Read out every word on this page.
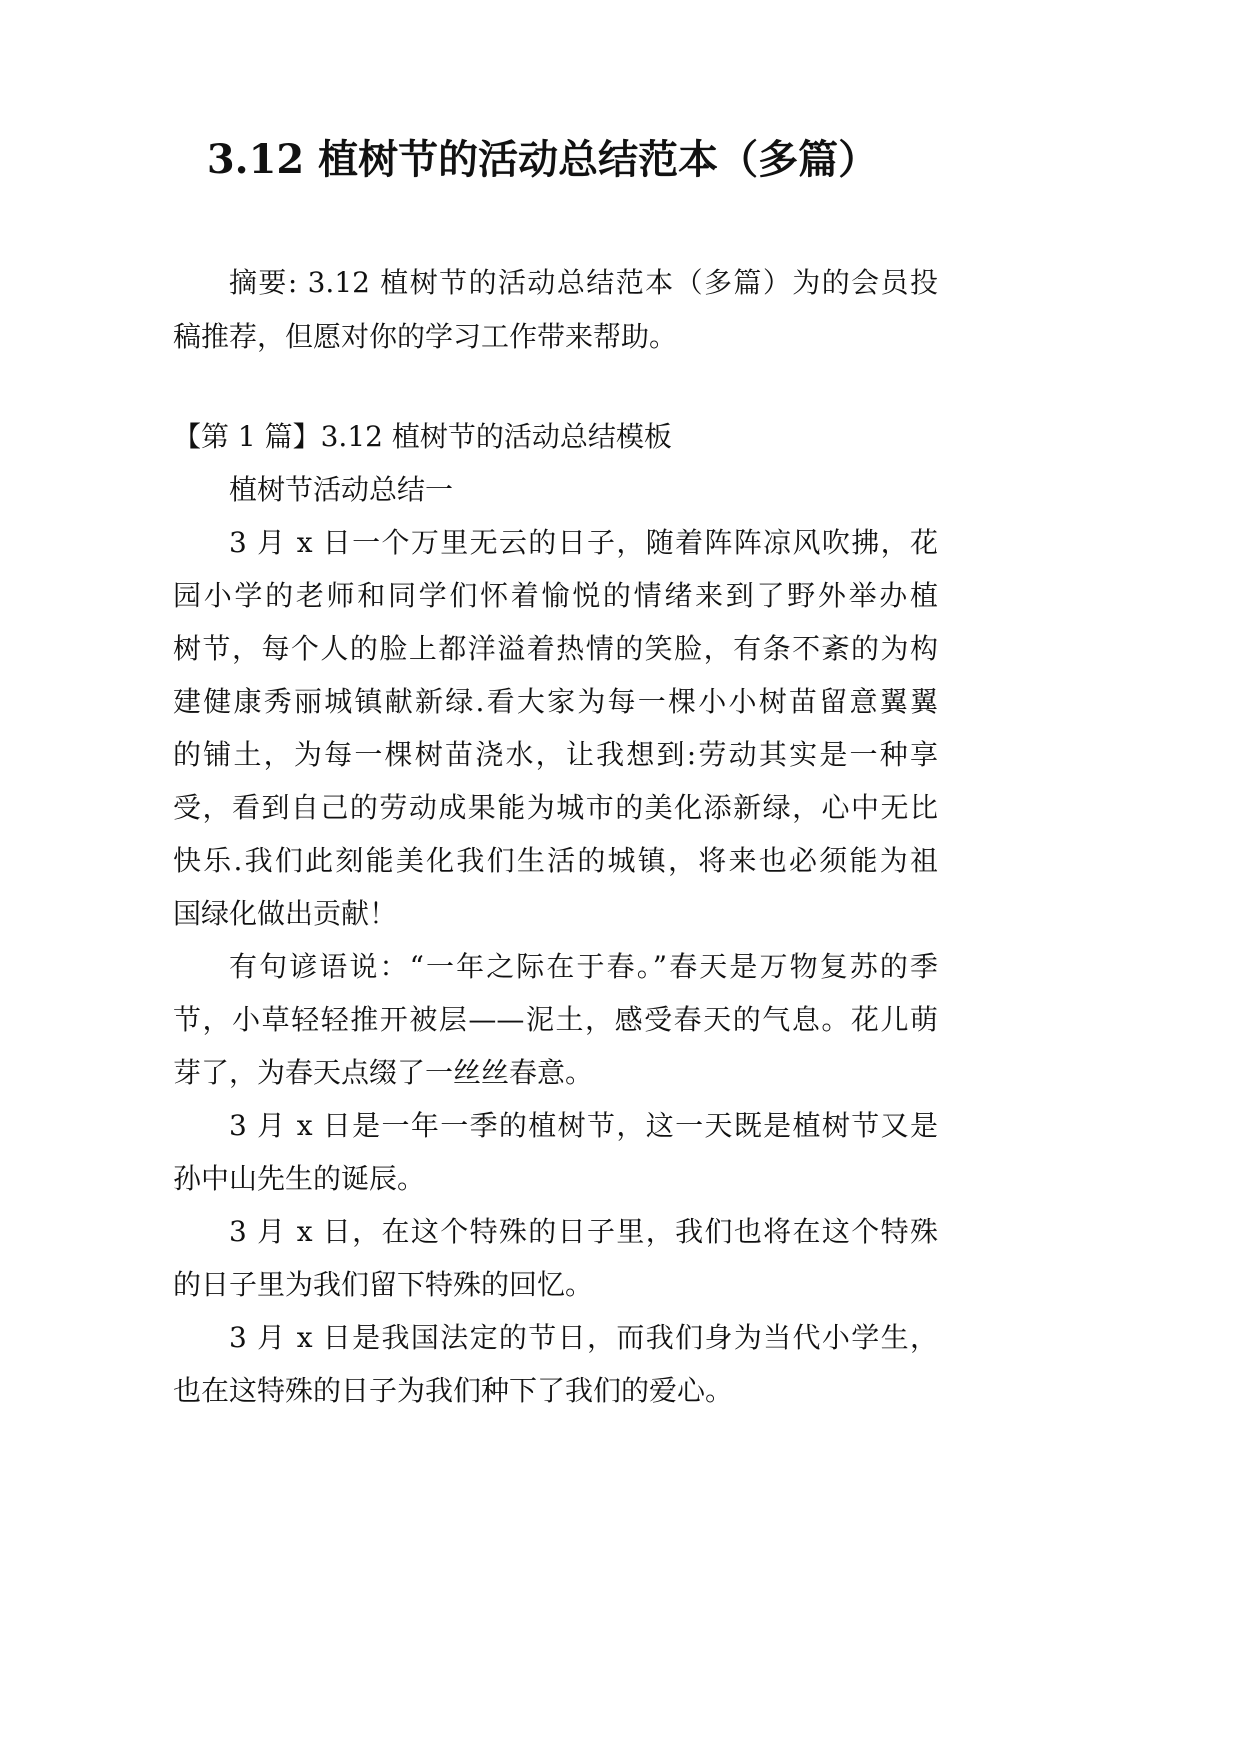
3.12 植树节的活动总结范本（多篇）
摘要: 3.12 植树节的活动总结范本（多篇）为的会员投
稿推荐，但愿对你的学习工作带来帮助。
【第 1 篇】3.12 植树节的活动总结模板
植树节活动总结一
3 月 x 日一个万里无云的日子，随着阵阵凉风吹拂，花
园小学的老师和同学们怀着愉悦的情绪来到了野外举办植
树节，每个人的脸上都洋溢着热情的笑脸，有条不紊的为构
建健康秀丽城镇献新绿.看大家为每一棵小小树苗留意翼翼
的铺土，为每一棵树苗浇水，让我想到:劳动其实是一种享
受，看到自己的劳动成果能为城市的美化添新绿，心中无比
快乐.我们此刻能美化我们生活的城镇，将来也必须能为祖
国绿化做出贡献！
有句谚语说：“一年之际在于春。”春天是万物复苏的季
节，小草轻轻推开被层——泥土，感受春天的气息。花儿萌
芽了，为春天点缀了一丝丝春意。
3 月 x 日是一年一季的植树节，这一天既是植树节又是
孙中山先生的诞辰。
3 月 x 日，在这个特殊的日子里，我们也将在这个特殊
的日子里为我们留下特殊的回忆。
3 月 x 日是我国法定的节日，而我们身为当代小学生，
也在这特殊的日子为我们种下了我们的爱心。
